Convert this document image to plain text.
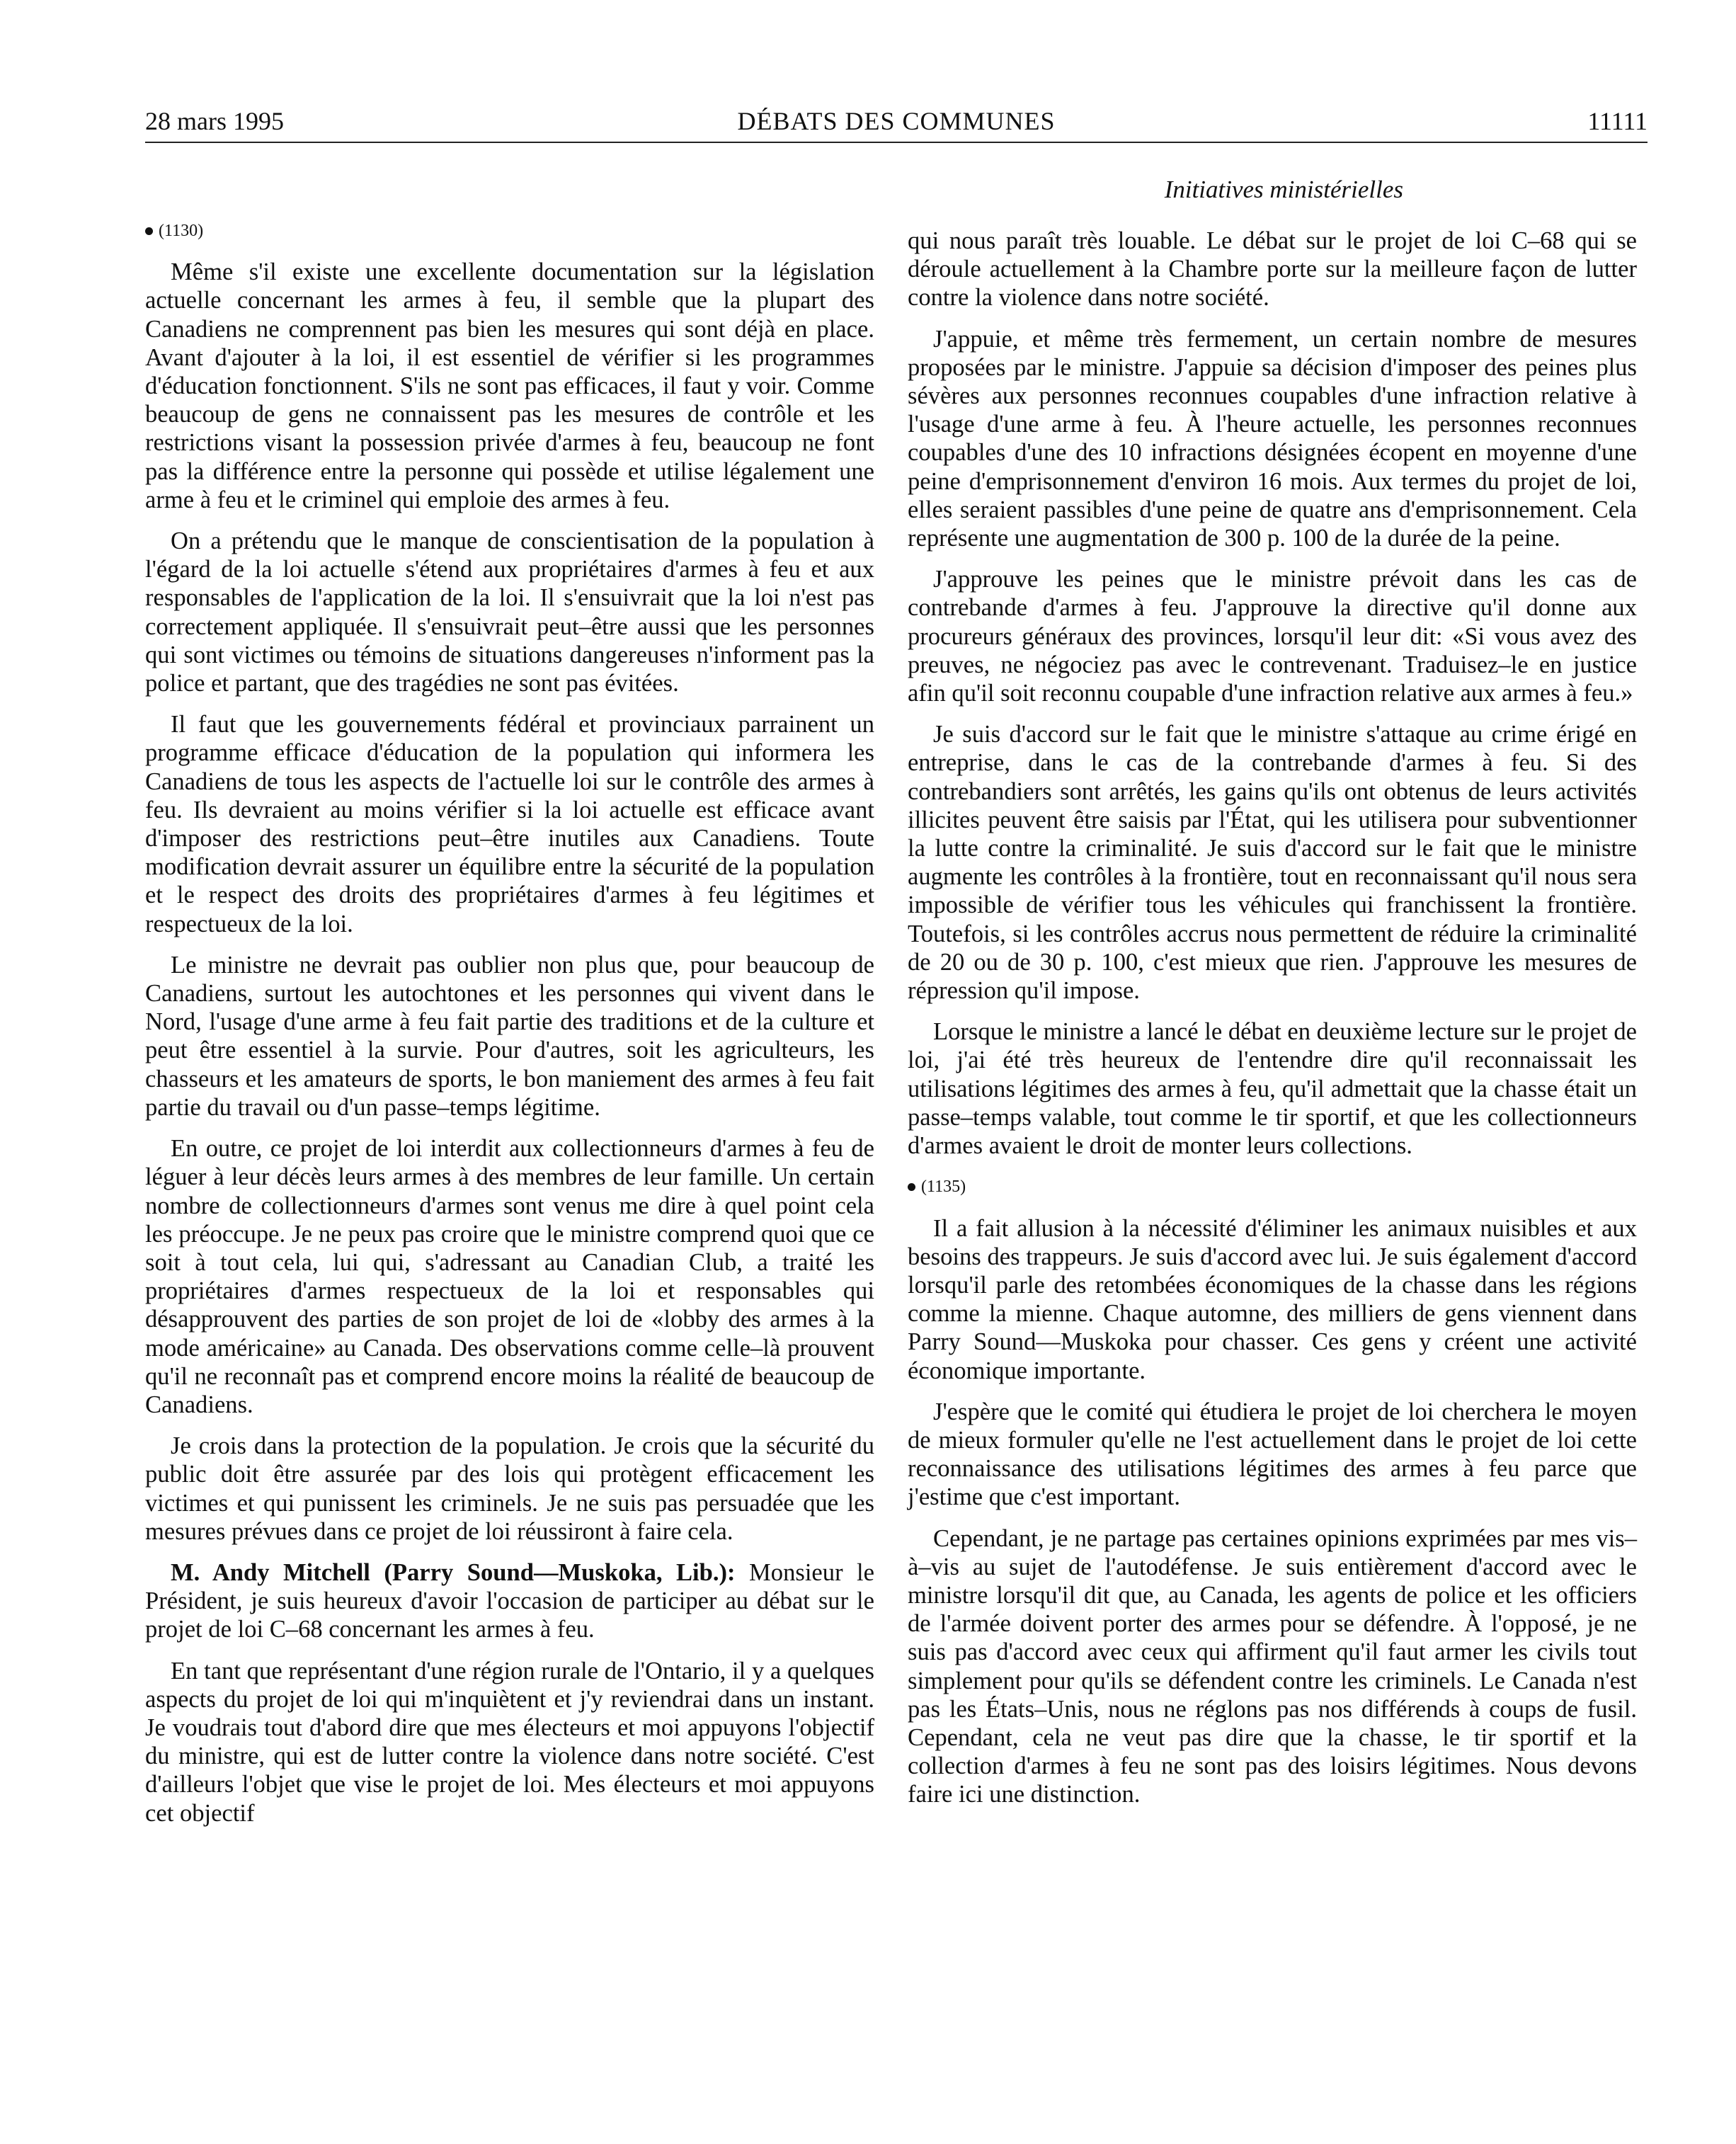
28 mars 1995	DÉBATS DES COMMUNES	11111
Initiatives ministérielles
(1130)

Même s'il existe une excellente documentation sur la législation actuelle concernant les armes à feu, il semble que la plupart des Canadiens ne comprennent pas bien les mesures qui sont déjà en place. Avant d'ajouter à la loi, il est essentiel de vérifier si les programmes d'éducation fonctionnent. S'ils ne sont pas efficaces, il faut y voir. Comme beaucoup de gens ne connaissent pas les mesures de contrôle et les restrictions visant la possession privée d'armes à feu, beaucoup ne font pas la différence entre la personne qui possède et utilise légalement une arme à feu et le criminel qui emploie des armes à feu.

On a prétendu que le manque de conscientisation de la population à l'égard de la loi actuelle s'étend aux propriétaires d'armes à feu et aux responsables de l'application de la loi. Il s'ensuivrait que la loi n'est pas correctement appliquée. Il s'ensuivrait peut–être aussi que les personnes qui sont victimes ou témoins de situations dangereuses n'informent pas la police et partant, que des tragédies ne sont pas évitées.

Il faut que les gouvernements fédéral et provinciaux parrainent un programme efficace d'éducation de la population qui informera les Canadiens de tous les aspects de l'actuelle loi sur le contrôle des armes à feu. Ils devraient au moins vérifier si la loi actuelle est efficace avant d'imposer des restrictions peut–être inutiles aux Canadiens. Toute modification devrait assurer un équilibre entre la sécurité de la population et le respect des droits des propriétaires d'armes à feu légitimes et respectueux de la loi.

Le ministre ne devrait pas oublier non plus que, pour beaucoup de Canadiens, surtout les autochtones et les personnes qui vivent dans le Nord, l'usage d'une arme à feu fait partie des traditions et de la culture et peut être essentiel à la survie. Pour d'autres, soit les agriculteurs, les chasseurs et les amateurs de sports, le bon maniement des armes à feu fait partie du travail ou d'un passe–temps légitime.

En outre, ce projet de loi interdit aux collectionneurs d'armes à feu de léguer à leur décès leurs armes à des membres de leur famille. Un certain nombre de collectionneurs d'armes sont venus me dire à quel point cela les préoccupe. Je ne peux pas croire que le ministre comprend quoi que ce soit à tout cela, lui qui, s'adressant au Canadian Club, a traité les propriétaires d'armes respectueux de la loi et responsables qui désapprouvent des parties de son projet de loi de «lobby des armes à la mode américaine» au Canada. Des observations comme celle–là prouvent qu'il ne reconnaît pas et comprend encore moins la réalité de beaucoup de Canadiens.

Je crois dans la protection de la population. Je crois que la sécurité du public doit être assurée par des lois qui protègent efficacement les victimes et qui punissent les criminels. Je ne suis pas persuadée que les mesures prévues dans ce projet de loi réussiront à faire cela.

M. Andy Mitchell (Parry Sound—Muskoka, Lib.): Monsieur le Président, je suis heureux d'avoir l'occasion de participer au débat sur le projet de loi C–68 concernant les armes à feu.

En tant que représentant d'une région rurale de l'Ontario, il y a quelques aspects du projet de loi qui m'inquiètent et j'y reviendrai dans un instant. Je voudrais tout d'abord dire que mes électeurs et moi appuyons l'objectif du ministre, qui est de lutter contre la violence dans notre société. C'est d'ailleurs l'objet que vise le projet de loi. Mes électeurs et moi appuyons cet objectif

qui nous paraît très louable. Le débat sur le projet de loi C–68 qui se déroule actuellement à la Chambre porte sur la meilleure façon de lutter contre la violence dans notre société.

J'appuie, et même très fermement, un certain nombre de mesures proposées par le ministre. J'appuie sa décision d'imposer des peines plus sévères aux personnes reconnues coupables d'une infraction relative à l'usage d'une arme à feu. À l'heure actuelle, les personnes reconnues coupables d'une des 10 infractions désignées écopent en moyenne d'une peine d'emprisonnement d'environ 16 mois. Aux termes du projet de loi, elles seraient passibles d'une peine de quatre ans d'emprisonnement. Cela représente une augmentation de 300 p. 100 de la durée de la peine.

J'approuve les peines que le ministre prévoit dans les cas de contrebande d'armes à feu. J'approuve la directive qu'il donne aux procureurs généraux des provinces, lorsqu'il leur dit: «Si vous avez des preuves, ne négociez pas avec le contrevenant. Traduisez–le en justice afin qu'il soit reconnu coupable d'une infraction relative aux armes à feu.»

Je suis d'accord sur le fait que le ministre s'attaque au crime érigé en entreprise, dans le cas de la contrebande d'armes à feu. Si des contrebandiers sont arrêtés, les gains qu'ils ont obtenus de leurs activités illicites peuvent être saisis par l'État, qui les utilisera pour subventionner la lutte contre la criminalité. Je suis d'accord sur le fait que le ministre augmente les contrôles à la frontière, tout en reconnaissant qu'il nous sera impossible de vérifier tous les véhicules qui franchissent la frontière. Toutefois, si les contrôles accrus nous permettent de réduire la criminalité de 20 ou de 30 p. 100, c'est mieux que rien. J'approuve les mesures de répression qu'il impose.

Lorsque le ministre a lancé le débat en deuxième lecture sur le projet de loi, j'ai été très heureux de l'entendre dire qu'il reconnaissait les utilisations légitimes des armes à feu, qu'il admettait que la chasse était un passe–temps valable, tout comme le tir sportif, et que les collectionneurs d'armes avaient le droit de monter leurs collections.

(1135)

Il a fait allusion à la nécessité d'éliminer les animaux nuisibles et aux besoins des trappeurs. Je suis d'accord avec lui. Je suis également d'accord lorsqu'il parle des retombées économiques de la chasse dans les régions comme la mienne. Chaque automne, des milliers de gens viennent dans Parry Sound—Muskoka pour chasser. Ces gens y créent une activité économique importante.

J'espère que le comité qui étudiera le projet de loi cherchera le moyen de mieux formuler qu'elle ne l'est actuellement dans le projet de loi cette reconnaissance des utilisations légitimes des armes à feu parce que j'estime que c'est important.

Cependant, je ne partage pas certaines opinions exprimées par mes vis–à–vis au sujet de l'autodéfense. Je suis entièrement d'accord avec le ministre lorsqu'il dit que, au Canada, les agents de police et les officiers de l'armée doivent porter des armes pour se défendre. À l'opposé, je ne suis pas d'accord avec ceux qui affirment qu'il faut armer les civils tout simplement pour qu'ils se défendent contre les criminels. Le Canada n'est pas les États–Unis, nous ne réglons pas nos différends à coups de fusil. Cependant, cela ne veut pas dire que la chasse, le tir sportif et la collection d'armes à feu ne sont pas des loisirs légitimes. Nous devons faire ici une distinction.
